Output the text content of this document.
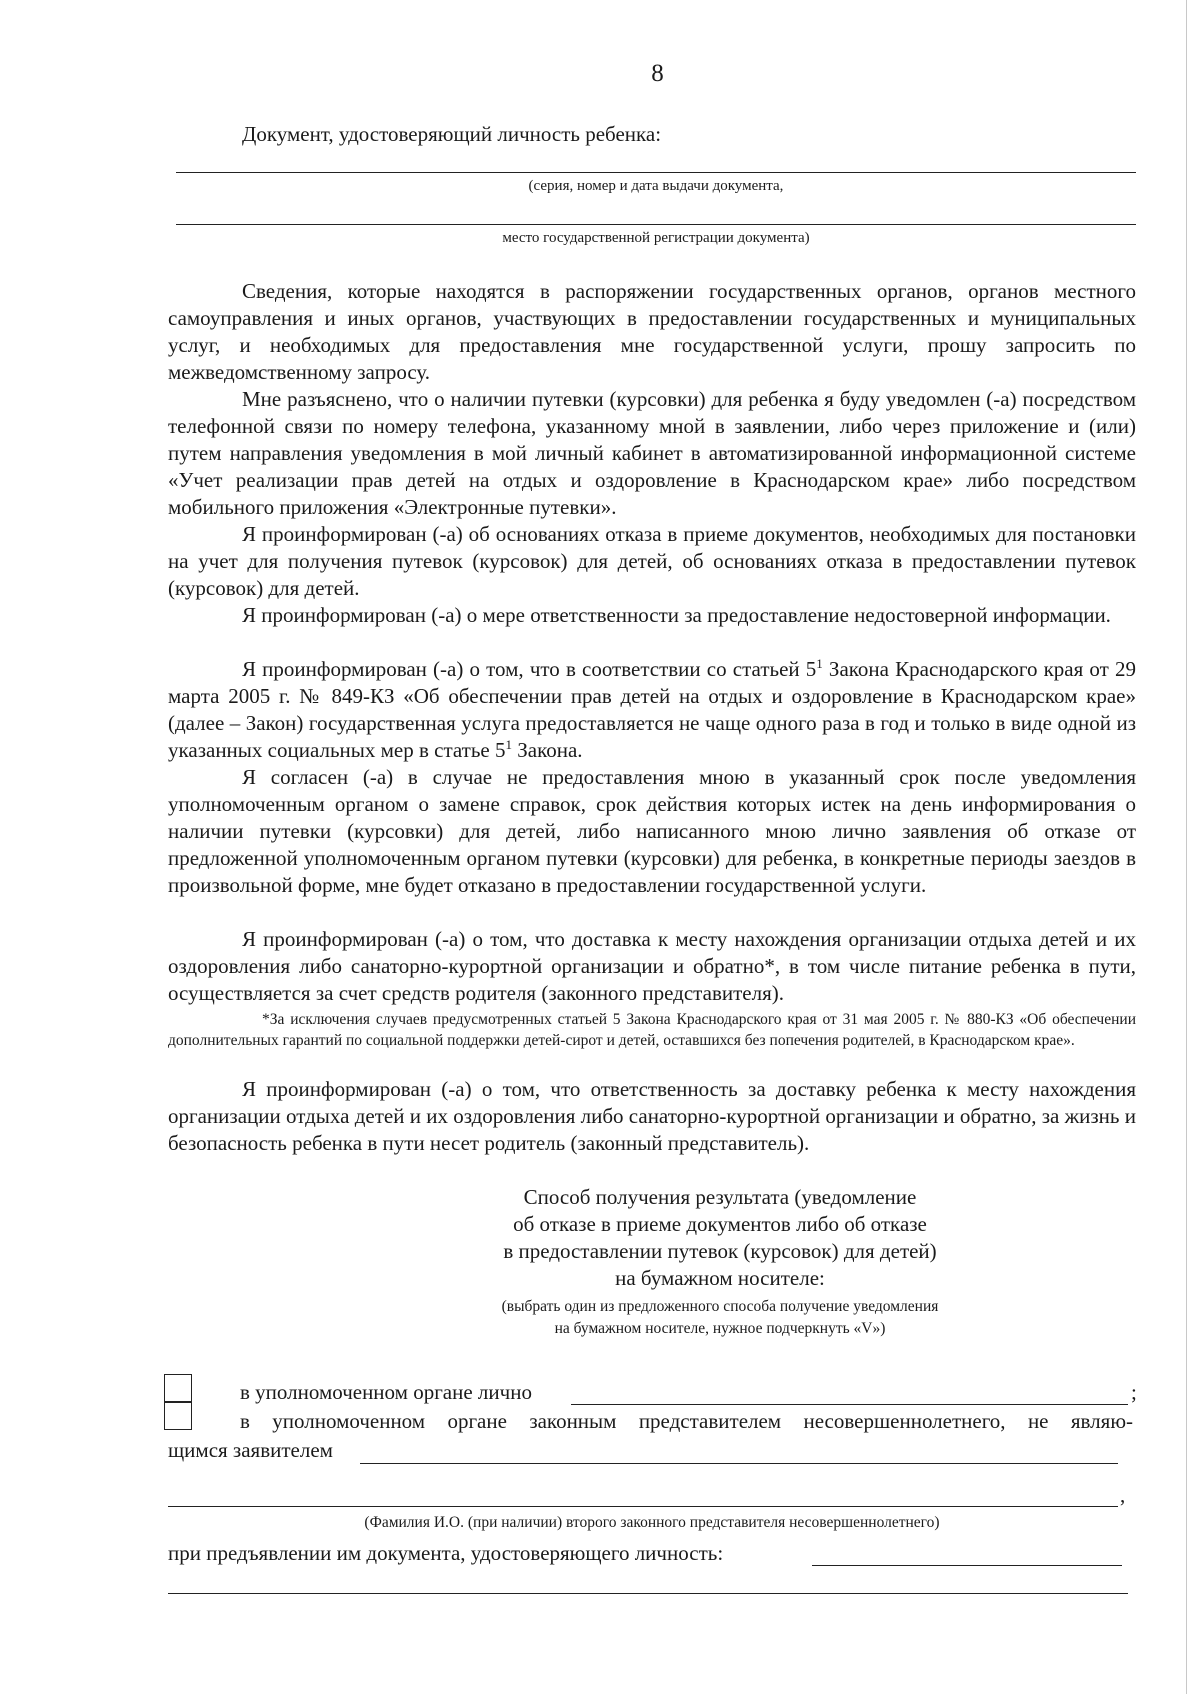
8
Документ, удостоверяющий личность ребенка:
(серия, номер и дата выдачи документа,
место государственной регистрации документа)
Сведения, которые находятся в распоряжении государственных органов, органов местного самоуправления и иных органов, участвующих в предоставлении государственных и муниципальных услуг, и необходимых для предоставления мне государственной услуги, прошу запросить по межведомственному запросу.
Мне разъяснено, что о наличии путевки (курсовки) для ребенка я буду уведомлен (-а) посредством телефонной связи по номеру телефона, указанному мной в заявлении, либо через приложение и (или) путем направления уведомления в мой личный кабинет в автоматизированной информационной системе «Учет реализации прав детей на отдых и оздоровление в Краснодарском крае» либо посредством мобильного приложения «Электронные путевки».
Я проинформирован (-а) об основаниях отказа в приеме документов, необходимых для постановки на учет для получения путевок (курсовок) для детей, об основаниях отказа в предоставлении путевок (курсовок) для детей.
Я проинформирован (-а) о мере ответственности за предоставление недостоверной информации.
Я проинформирован (-а) о том, что в соответствии со статьей $5^1$ Закона Краснодарского края от 29 марта 2005 г. № 849-КЗ «Об обеспечении прав детей на отдых и оздоровление в Краснодарском крае» (далее – Закон) государственная услуга предоставляется не чаще одного раза в год и только в виде одной из указанных социальных мер в статье $5^1$ Закона.
Я согласен (-а) в случае не предоставления мною в указанный срок после уведомления уполномоченным органом о замене справок, срок действия которых истек на день информирования о наличии путевки (курсовки) для детей, либо написанного мною лично заявления об отказе от предложенной уполномоченным органом путевки (курсовки) для ребенка, в конкретные периоды заездов в произвольной форме, мне будет отказано в предоставлении государственной услуги.
Я проинформирован (-а) о том, что доставка к месту нахождения организации отдыха детей и их оздоровления либо санаторно-курортной организации и обратно*, в том числе питание ребенка в пути, осуществляется за счет средств родителя (законного представителя).
*За исключения случаев предусмотренных статьей 5 Закона Краснодарского края от 31 мая 2005 г. № 880-КЗ «Об обеспечении дополнительных гарантий по социальной поддержки детей-сирот и детей, оставшихся без попечения родителей, в Краснодарском крае».
Я проинформирован (-а) о том, что ответственность за доставку ребенка к месту нахождения организации отдыха детей и их оздоровления либо санаторно-курортной организации и обратно, за жизнь и безопасность ребенка в пути несет родитель (законный представитель).
Способ получения результата (уведомление
об отказе в приеме документов либо об отказе
в предоставлении путевок (курсовок) для детей)
на бумажном носителе:
(выбрать один из предложенного способа получение уведомления
на бумажном носителе, нужное подчеркнуть «V»)
в уполномоченном органе лично	;
в уполномоченном органе законным представителем несовершеннолетнего, не являю-
щимся заявителем
,
(Фамилия И.О. (при наличии) второго законного представителя несовершеннолетнего)
при предъявлении им документа, удостоверяющего личность:
